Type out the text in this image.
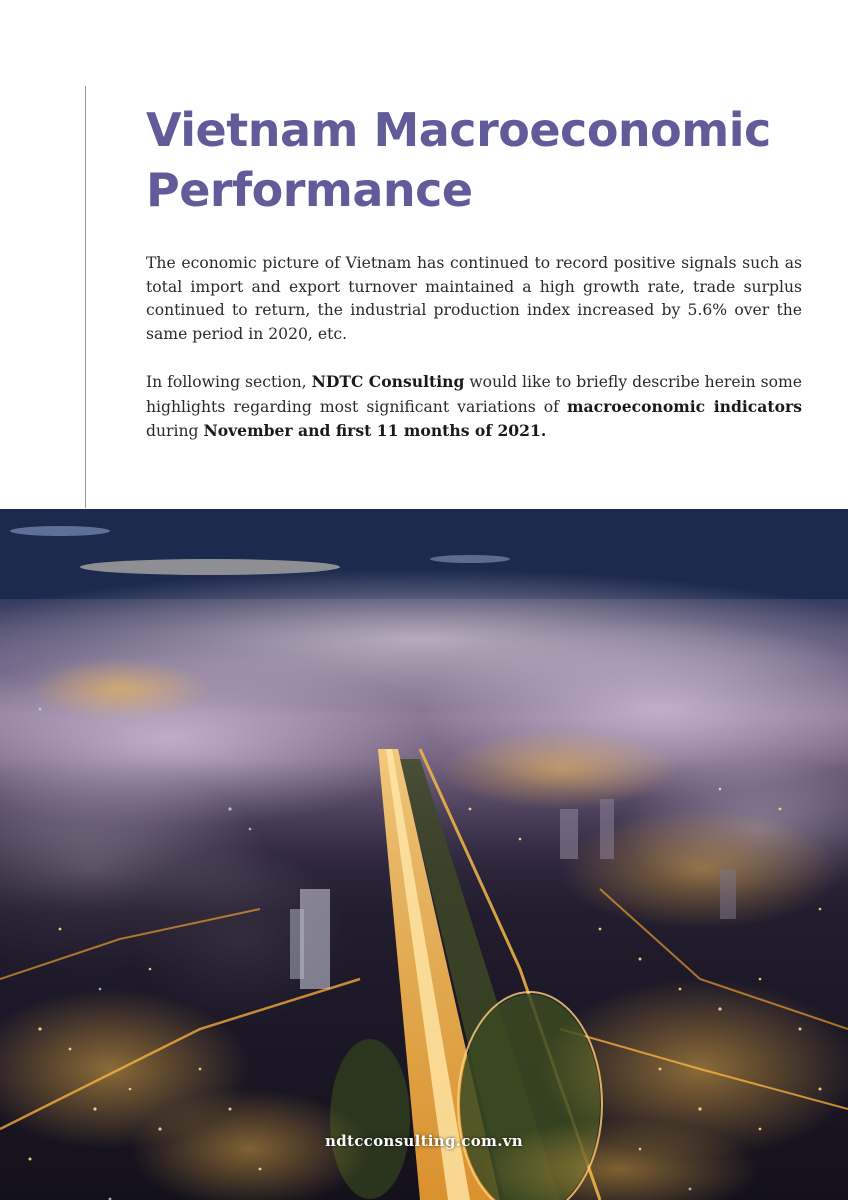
Vietnam Macroeconomic
Performance

The economic picture of Vietnam has continued to record positive signals such as total import and export turnover maintained a high growth rate, trade surplus continued to return, the industrial production index increased by 5.6% over the same period in 2020, etc.

In following section, NDTC Consulting would like to briefly describe herein some highlights regarding most significant variations of macroeconomic indicators during November and first 11 months of 2021.

ndtcconsulting.com.vn
